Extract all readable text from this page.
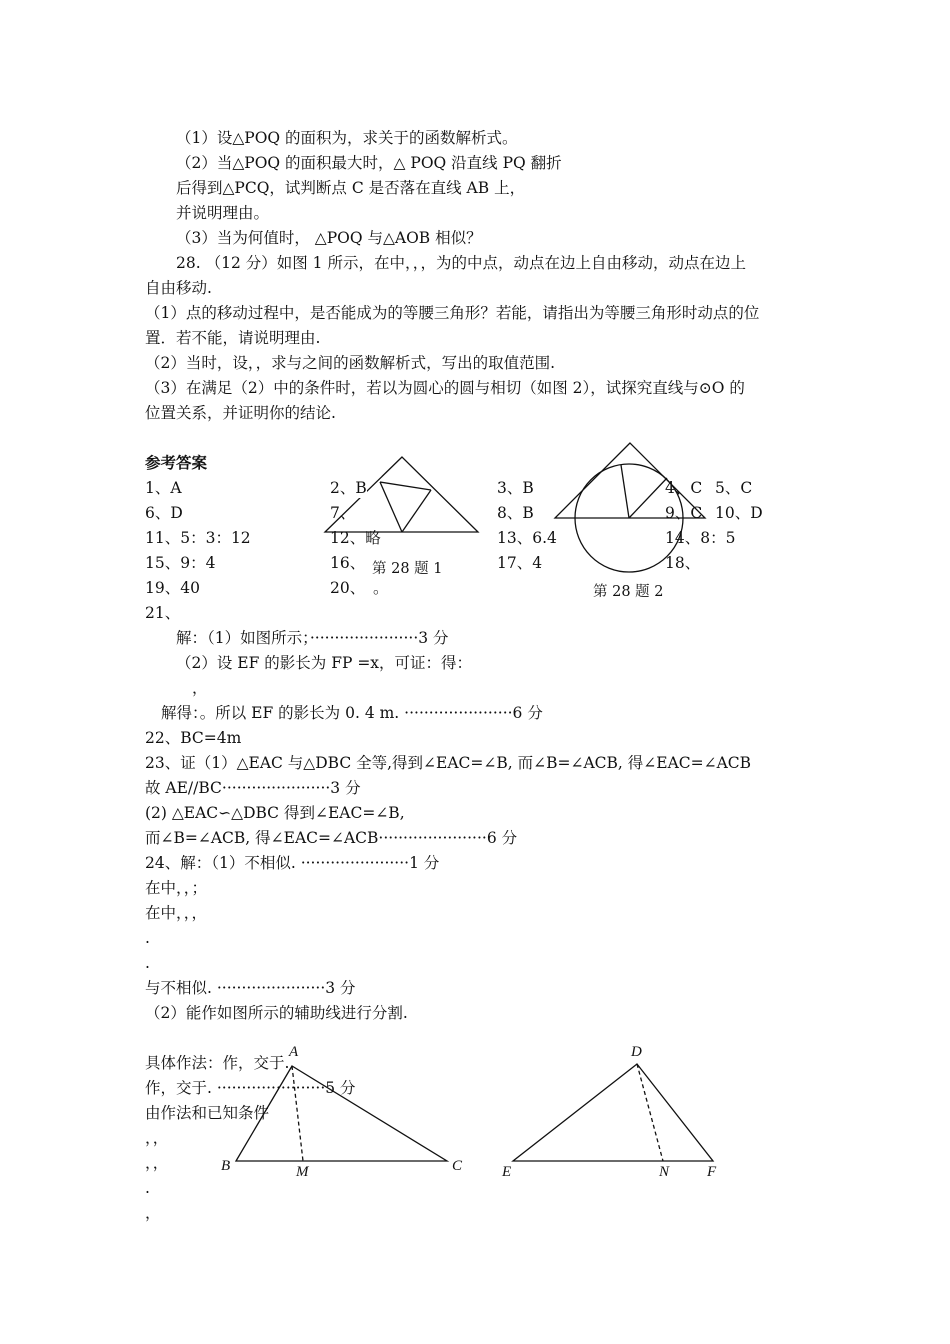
（1）设△POQ 的面积为，求关于的函数解析式。
（2）当△POQ 的面积最大时，△ POQ 沿直线 PQ 翻折
后得到△PCQ，试判断点 C 是否落在直线 AB 上，
并说明理由。
（3）当为何值时， △POQ 与△AOB 相似？
28. （12 分）如图 1 所示，在中，，，为的中点，动点在边上自由移动，动点在边上
自由移动.
（1）点的移动过程中，是否能成为的等腰三角形？若能，请指出为等腰三角形时动点的位
置．若不能，请说明理由.
（2）当时，设，，求与之间的函数解析式，写出的取值范围.
（3）在满足（2）中的条件时，若以为圆心的圆与相切（如图 2），试探究直线与⊙O 的
位置关系，并证明你的结论.
参考答案
1、A	2、B	3、B	4、C 5、C
6、D	7、	8、B	9、C 10、D
11、5：3：12	12、略	13、6.4	14、8：5
15、9：4	16、	17、4	18、
19、40	20、 。
第 28 题 1
第 28 题 2
21、
解：（1）如图所示；······················3 分
（2）设 EF 的影长为 FP =x，可证：得：
，
解得：。所以 EF 的影长为 0. 4 m. ······················6 分
22、BC=4m
23、证（1）△EAC 与△DBC 全等,得到∠EAC=∠B, 而∠B=∠ACB, 得∠EAC=∠ACB
故 AE//BC······················3 分
(2) △EAC∽△DBC 得到∠EAC=∠B,
而∠B=∠ACB, 得∠EAC=∠ACB······················6 分
24、解：（1）不相似. ······················1 分
在中，，；
在中，，，
.
.
与不相似. ······················3 分
（2）能作如图所示的辅助线进行分割.
具体作法：作，交于.
作，交于. ······················5 分
由作法和已知条件
，，
，，
.
，
A
B	M	C
D
E	N	F
